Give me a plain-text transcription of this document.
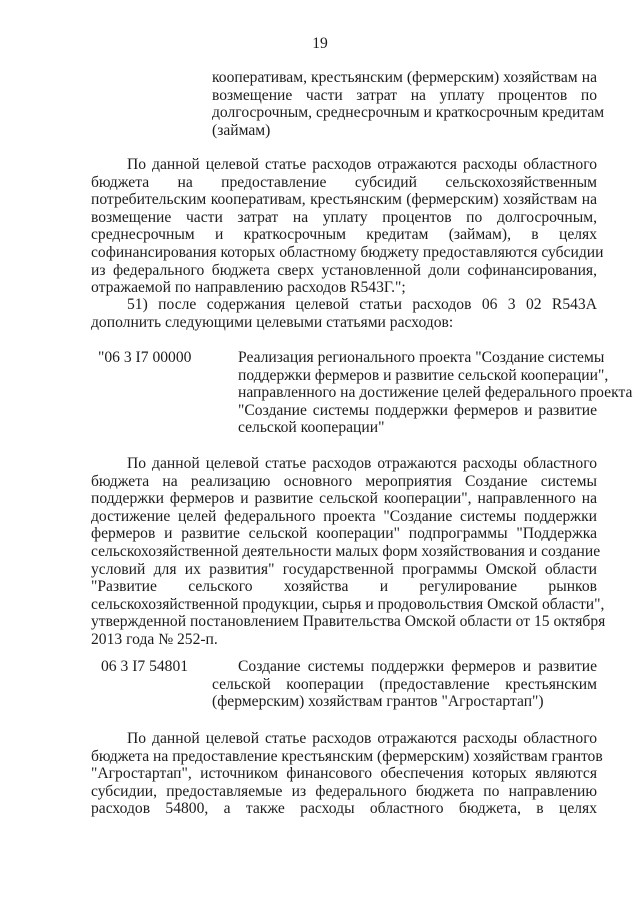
19
кооперативам, крестьянским (фермерским) хозяйствам на
возмещение части затрат на уплату процентов по
долгосрочным, среднесрочным и краткосрочным кредитам
(займам)
По данной целевой статье расходов отражаются расходы областного
бюджета на предоставление субсидий сельскохозяйственным
потребительским кооперативам, крестьянским (фермерским) хозяйствам на
возмещение части затрат на уплату процентов по долгосрочным,
среднесрочным и краткосрочным кредитам (займам), в целях
софинансирования которых областному бюджету предоставляются субсидии
из федерального бюджета сверх установленной доли софинансирования,
отражаемой по направлению расходов R543Г.";
51) после содержания целевой статьи расходов 06 3 02 R543А
дополнить следующими целевыми статьями расходов:
"06 3 I7 00000	Реализация регионального проекта "Создание системы
поддержки фермеров и развитие сельской кооперации",
направленного на достижение целей федерального проекта
"Создание системы поддержки фермеров и развитие
сельской кооперации"
По данной целевой статье расходов отражаются расходы областного
бюджета на реализацию основного мероприятия Создание системы
поддержки фермеров и развитие сельской кооперации", направленного на
достижение целей федерального проекта "Создание системы поддержки
фермеров и развитие сельской кооперации" подпрограммы "Поддержка
сельскохозяйственной деятельности малых форм хозяйствования и создание
условий для их развития" государственной программы Омской области
"Развитие сельского хозяйства и регулирование рынков
сельскохозяйственной продукции, сырья и продовольствия Омской области",
утвержденной постановлением Правительства Омской области от 15 октября
2013 года № 252-п.
06 3 I7 54801	Создание системы поддержки фермеров и развитие
сельской кооперации (предоставление крестьянским
(фермерским) хозяйствам грантов "Агростартап")
По данной целевой статье расходов отражаются расходы областного
бюджета на предоставление крестьянским (фермерским) хозяйствам грантов
"Агростартап", источником финансового обеспечения которых являются
субсидии, предоставляемые из федерального бюджета по направлению
расходов 54800, а также расходы областного бюджета, в целях
